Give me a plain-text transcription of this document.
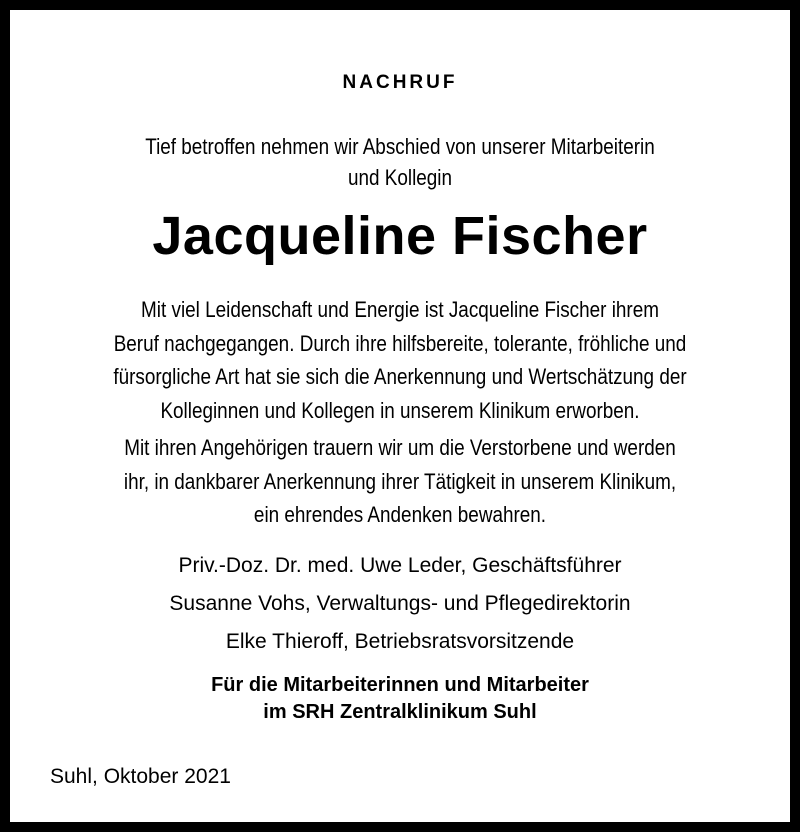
NACHRUF
Tief betroffen nehmen wir Abschied von unserer Mitarbeiterin
und Kollegin
Jacqueline Fischer
Mit viel Leidenschaft und Energie ist Jacqueline Fischer ihrem
Beruf nachgegangen. Durch ihre hilfsbereite, tolerante, fröhliche und
fürsorgliche Art hat sie sich die Anerkennung und Wertschätzung der
Kolleginnen und Kollegen in unserem Klinikum erworben.
Mit ihren Angehörigen trauern wir um die Verstorbene und werden
ihr, in dankbarer Anerkennung ihrer Tätigkeit in unserem Klinikum,
ein ehrendes Andenken bewahren.
Priv.-Doz. Dr. med. Uwe Leder, Geschäftsführer
Susanne Vohs, Verwaltungs- und Pflegedirektorin
Elke Thieroff, Betriebsratsvorsitzende
Für die Mitarbeiterinnen und Mitarbeiter
im SRH Zentralklinikum Suhl
Suhl, Oktober 2021
